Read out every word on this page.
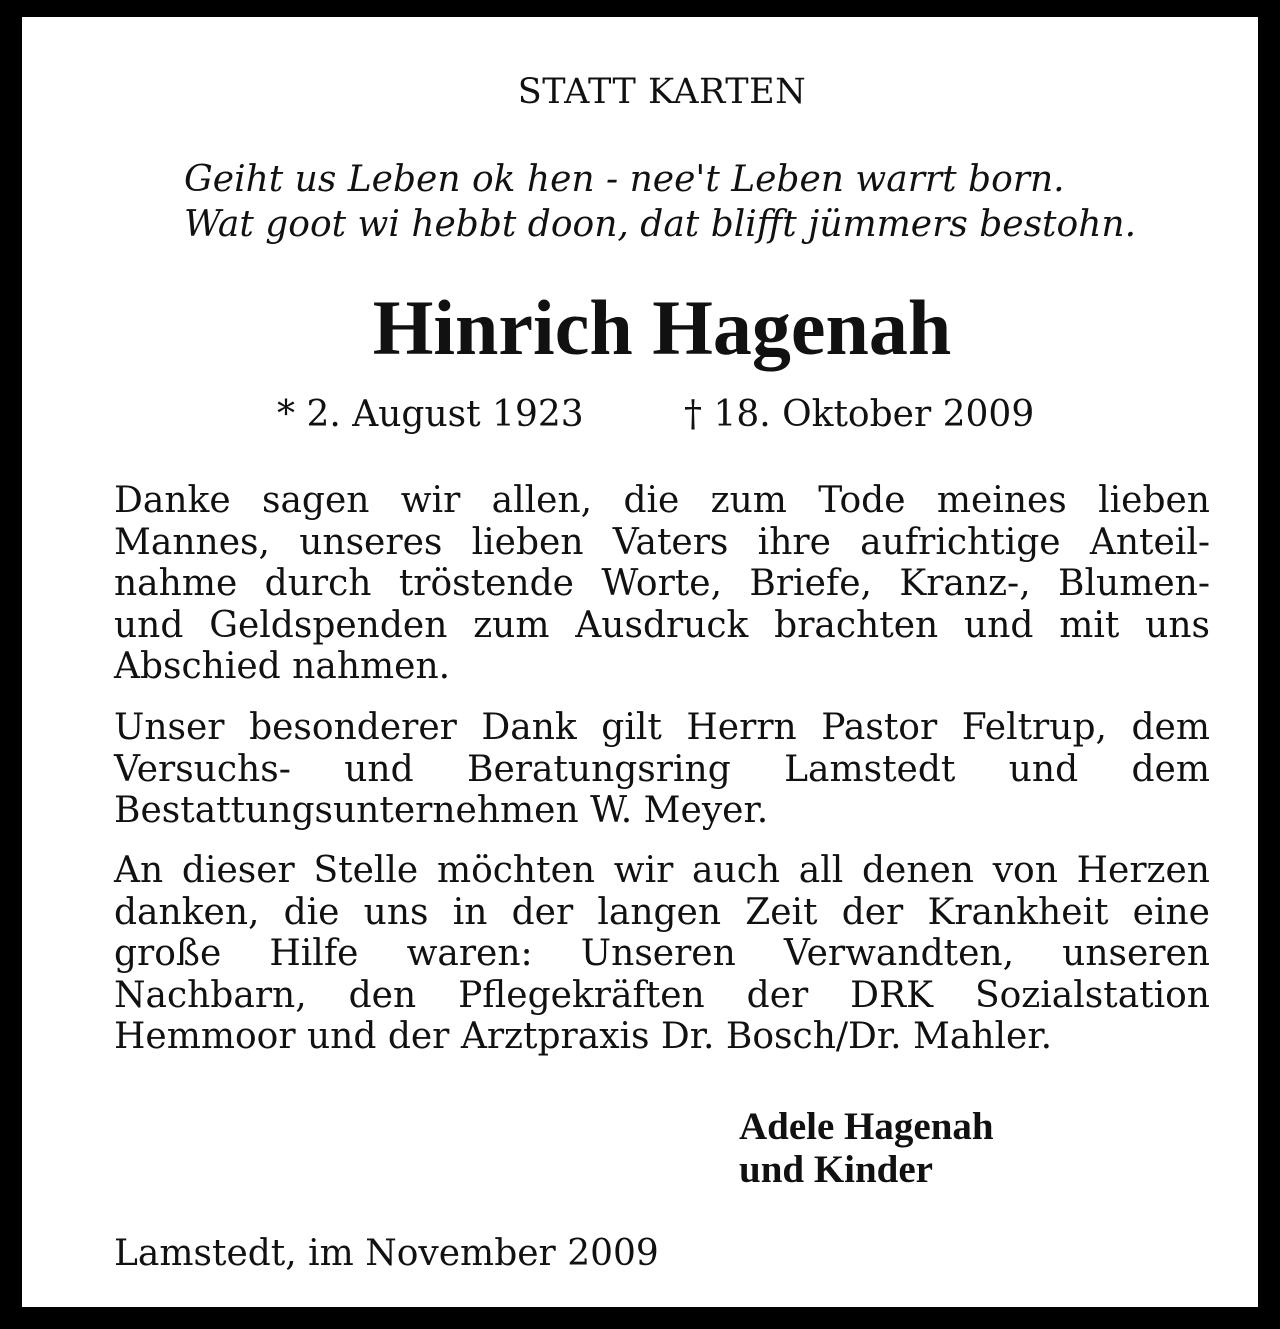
STATT KARTEN
Geiht us Leben ok hen - nee't Leben warrt born.
Wat goot wi hebbt doon, dat blifft jümmers bestohn.
Hinrich Hagenah
* 2. August 1923	† 18. Oktober 2009
Danke sagen wir allen, die zum Tode meines lieben
Mannes, unseres lieben Vaters ihre aufrichtige Anteil-
nahme durch tröstende Worte, Briefe, Kranz-, Blumen-
und Geldspenden zum Ausdruck brachten und mit uns
Abschied nahmen.
Unser besonderer Dank gilt Herrn Pastor Feltrup, dem
Versuchs- und Beratungsring Lamstedt und dem
Bestattungsunternehmen W. Meyer.
An dieser Stelle möchten wir auch all denen von Herzen
danken, die uns in der langen Zeit der Krankheit eine
große Hilfe waren: Unseren Verwandten, unseren
Nachbarn, den Pflegekräften der DRK Sozialstation
Hemmoor und der Arztpraxis Dr. Bosch/Dr. Mahler.
Adele Hagenah
und Kinder
Lamstedt, im November 2009
